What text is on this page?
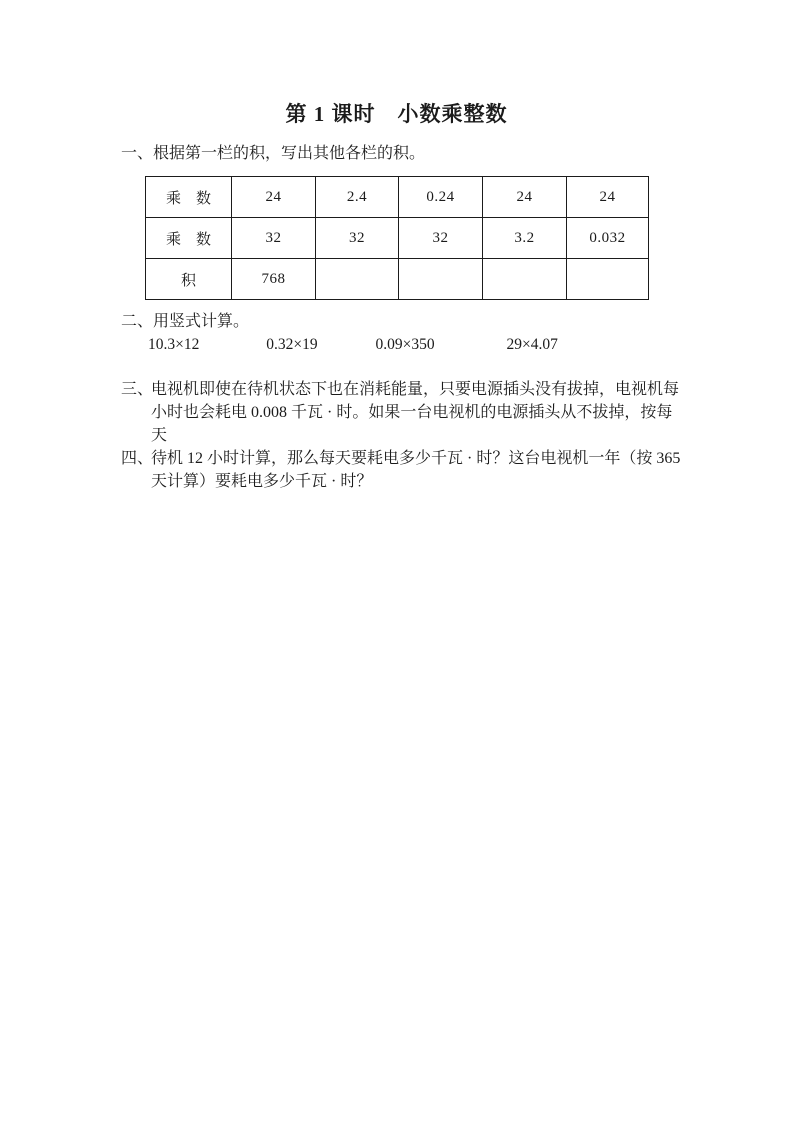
第 1 课时　小数乘整数

一、根据第一栏的积，写出其他各栏的积。

乘　数	24	2.4	0.24	24	24
乘　数	32	32	32	3.2	0.032
积	768				

二、用竖式计算。

10.3×12	0.32×19	0.09×350	29×4.07
三、
电视机即使在待机状态下也在消耗能量，只要电源插头没有拔掉，电视机每
小时也会耗电 0.008 千瓦 · 时。如果一台电视机的电源插头从不拔掉，按每
天
四、
待机 12 小时计算，那么每天要耗电多少千瓦 · 时？这台电视机一年（按 365
天计算）要耗电多少千瓦 · 时？
